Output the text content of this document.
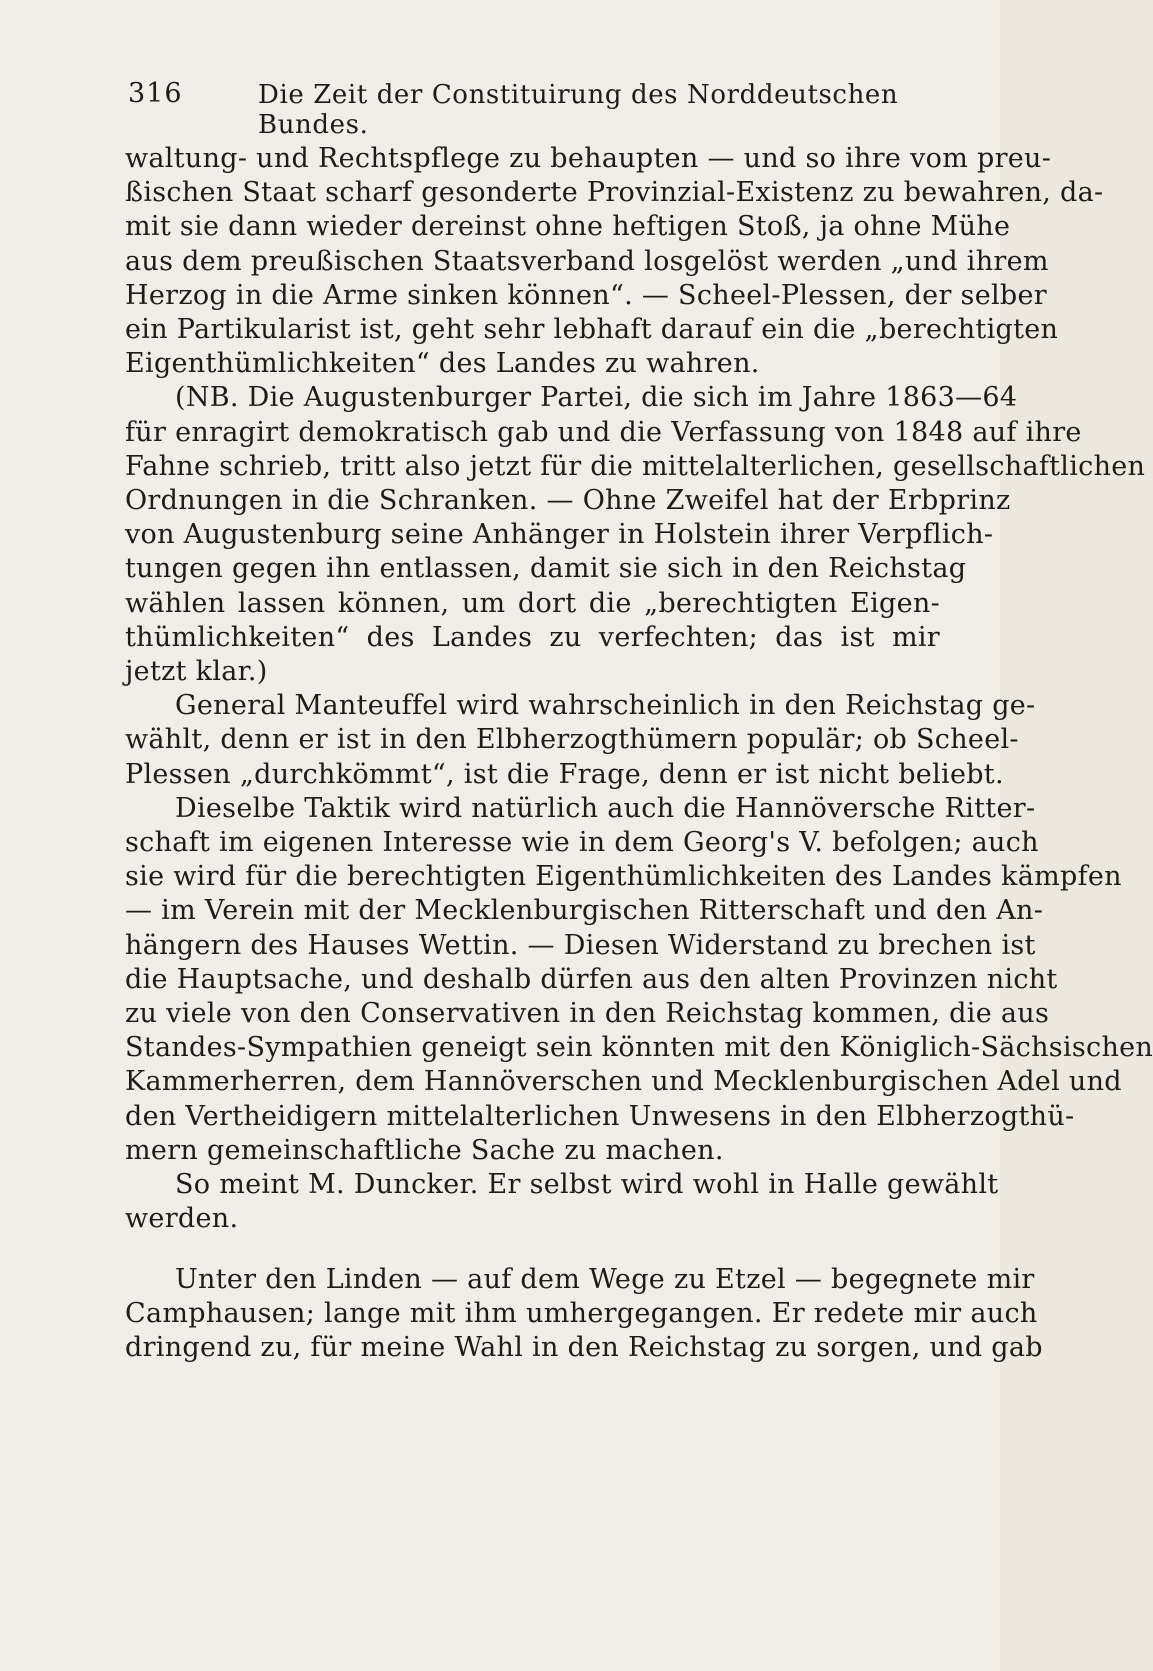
316	Die Zeit der Constituirung des Norddeutschen Bundes.
waltung- und Rechtspflege zu behaupten — und so ihre vom preu-
ßischen Staat scharf gesonderte Provinzial-Existenz zu bewahren, da-
mit sie dann wieder dereinst ohne heftigen Stoß, ja ohne Mühe
aus dem preußischen Staatsverband losgelöst werden „und ihrem
Herzog in die Arme sinken können“. — Scheel-Plessen, der selber
ein Partikularist ist, geht sehr lebhaft darauf ein die „berechtigten
Eigenthümlichkeiten“ des Landes zu wahren.
(NB. Die Augustenburger Partei, die sich im Jahre 1863—64
für enragirt demokratisch gab und die Verfassung von 1848 auf ihre
Fahne schrieb, tritt also jetzt für die mittelalterlichen, gesellschaftlichen
Ordnungen in die Schranken. — Ohne Zweifel hat der Erbprinz
von Augustenburg seine Anhänger in Holstein ihrer Verpflich-
tungen gegen ihn entlassen, damit sie sich in den Reichstag
wählen lassen können, um dort die „berechtigten Eigen-
thümlichkeiten“ des Landes zu verfechten; das ist mir
jetzt klar.)
General Manteuffel wird wahrscheinlich in den Reichstag ge-
wählt, denn er ist in den Elbherzogthümern populär; ob Scheel-
Plessen „durchkömmt“, ist die Frage, denn er ist nicht beliebt.
Dieselbe Taktik wird natürlich auch die Hannöversche Ritter-
schaft im eigenen Interesse wie in dem Georg's V. befolgen; auch
sie wird für die berechtigten Eigenthümlichkeiten des Landes kämpfen
— im Verein mit der Mecklenburgischen Ritterschaft und den An-
hängern des Hauses Wettin. — Diesen Widerstand zu brechen ist
die Hauptsache, und deshalb dürfen aus den alten Provinzen nicht
zu viele von den Conservativen in den Reichstag kommen, die aus
Standes-Sympathien geneigt sein könnten mit den Königlich-Sächsischen
Kammerherren, dem Hannöverschen und Mecklenburgischen Adel und
den Vertheidigern mittelalterlichen Unwesens in den Elbherzogthü-
mern gemeinschaftliche Sache zu machen.
So meint M. Duncker. Er selbst wird wohl in Halle gewählt
werden.
Unter den Linden — auf dem Wege zu Etzel — begegnete mir
Camphausen; lange mit ihm umhergegangen. Er redete mir auch
dringend zu, für meine Wahl in den Reichstag zu sorgen, und gab
